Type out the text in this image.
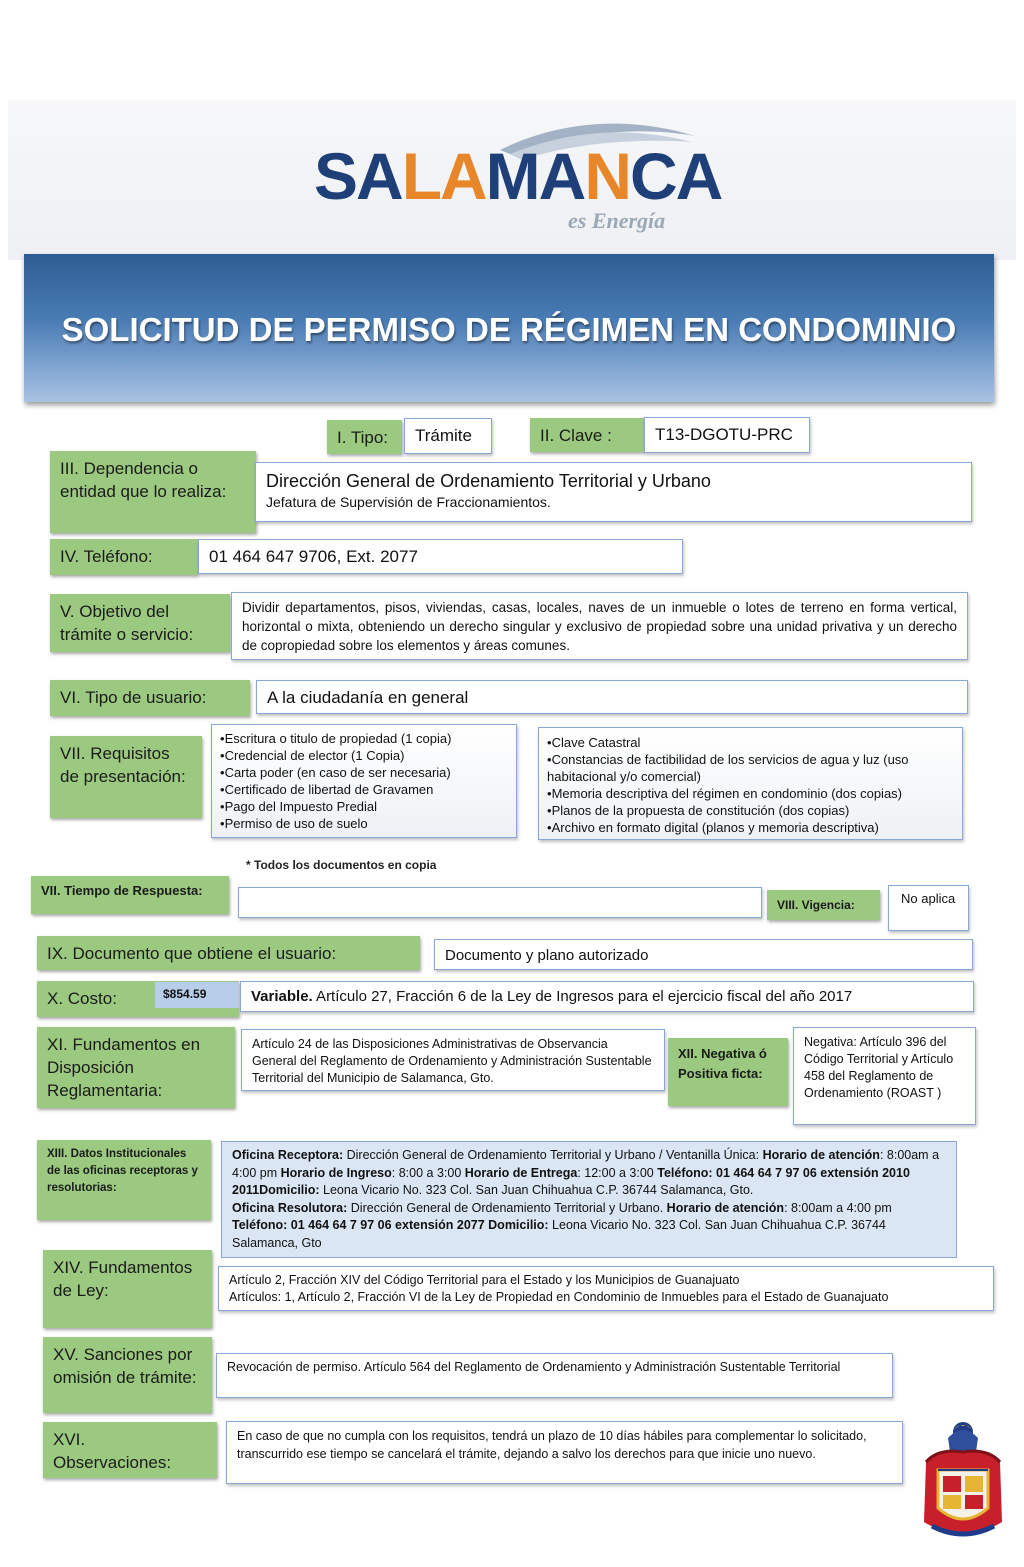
SALAMANCA
es Energía
SOLICITUD DE PERMISO DE RÉGIMEN EN CONDOMINIO
I. Tipo:	Trámite	II. Clave :	T13-DGOTU-PRC
III. Dependencia o entidad que lo realiza:
Dirección General de Ordenamiento Territorial y Urbano
Jefatura de Supervisión de Fraccionamientos.
IV. Teléfono:	01 464 647 9706, Ext. 2077
V. Objetivo del trámite o servicio:
Dividir departamentos, pisos, viviendas, casas, locales, naves de un inmueble o lotes de terreno en forma vertical, horizontal o mixta, obteniendo un derecho singular y exclusivo de propiedad sobre una unidad privativa y un derecho de copropiedad sobre los elementos y áreas comunes.
VI. Tipo de usuario:	A la ciudadanía en general
VII. Requisitos de presentación:
• Escritura o titulo de propiedad (1 copia)
• Credencial de elector (1 Copia)
• Carta poder (en caso de ser necesaria)
• Certificado de libertad de Gravamen
• Pago del Impuesto Predial
• Permiso de uso de suelo
• Clave Catastral
• Constancias de factibilidad de los servicios de agua y luz (uso habitacional y/o comercial)
• Memoria descriptiva del régimen en condominio (dos copias)
• Planos de la propuesta de constitución (dos copias)
• Archivo en formato digital (planos y memoria descriptiva)
* Todos los documentos en copia
VII. Tiempo de Respuesta:
VIII. Vigencia:	No aplica
IX. Documento que obtiene el usuario:	Documento y plano autorizado
X. Costo:	$854.59	Variable. Artículo 27, Fracción 6 de la Ley de Ingresos para el ejercicio fiscal del año 2017
XI. Fundamentos en Disposición Reglamentaria:
Artículo 24 de las Disposiciones Administrativas de Observancia General del Reglamento de Ordenamiento y Administración Sustentable Territorial del Municipio de Salamanca, Gto.
XII. Negativa ó Positiva ficta:
Negativa: Artículo 396 del Código Territorial y Artículo 458 del Reglamento de Ordenamiento (ROAST )
XIII. Datos Institucionales de las oficinas receptoras y resolutorias:
Oficina Receptora: Dirección General de Ordenamiento Territorial y Urbano / Ventanilla Única: Horario de atención: 8:00am a 4:00 pm Horario de Ingreso: 8:00 a 3:00 Horario de Entrega: 12:00 a 3:00 Teléfono: 01 464 64 7 97 06 extensión 2010 2011Domicilio: Leona Vicario No. 323 Col. San Juan Chihuahua C.P. 36744 Salamanca, Gto.
Oficina Resolutora: Dirección General de Ordenamiento Territorial y Urbano. Horario de atención: 8:00am a 4:00 pm Teléfono: 01 464 64 7 97 06 extensión 2077 Domicilio: Leona Vicario No. 323 Col. San Juan Chihuahua C.P. 36744 Salamanca, Gto
XIV. Fundamentos de Ley:
Artículo 2, Fracción XIV del Código Territorial para el Estado y los Municipios de Guanajuato
Artículos: 1, Artículo 2, Fracción VI de la Ley de Propiedad en Condominio de Inmuebles para el Estado de Guanajuato
XV. Sanciones por omisión de trámite:
Revocación de permiso. Artículo 564 del Reglamento de Ordenamiento y Administración Sustentable Territorial
XVI. Observaciones:
En caso de que no cumpla con los requisitos, tendrá un plazo de 10 días hábiles para complementar lo solicitado, transcurrido ese tiempo se cancelará el trámite, dejando a salvo los derechos para que inicie uno nuevo.
